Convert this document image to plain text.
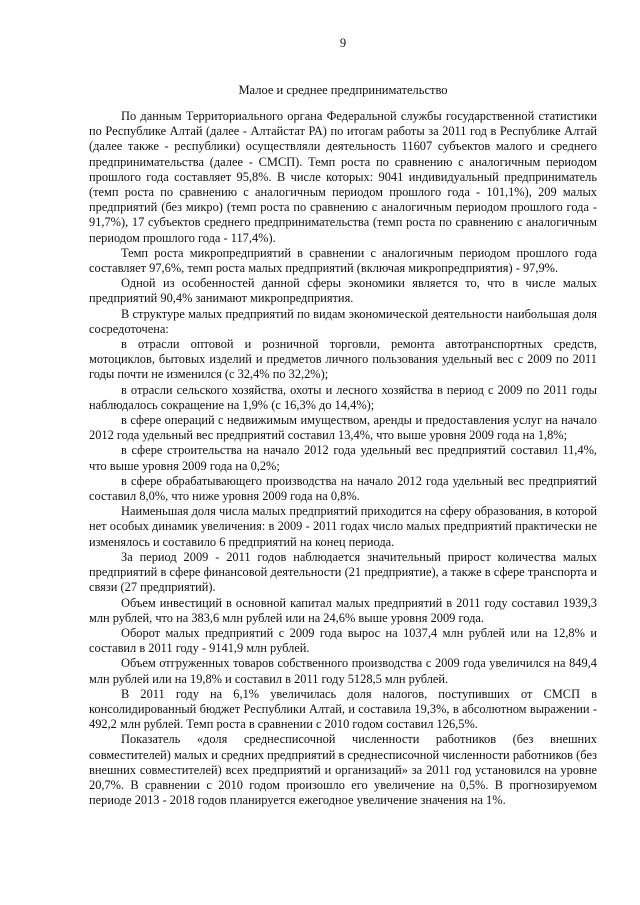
9
Малое и среднее предпринимательство

По данным Территориального органа Федеральной службы государственной статистики по Республике Алтай (далее - Алтайстат РА) по итогам работы за 2011 год в Республике Алтай (далее также - республики) осуществляли деятельность 11607 субъектов малого и среднего предпринимательства (далее - СМСП). Темп роста по сравнению с аналогичным периодом прошлого года составляет 95,8%. В числе которых: 9041 индивидуальный предприниматель (темп роста по сравнению с аналогичным периодом прошлого года - 101,1%), 209 малых предприятий (без микро) (темп роста по сравнению с аналогичным периодом прошлого года - 91,7%), 17 субъектов среднего предпринимательства (темп роста по сравнению с аналогичным периодом прошлого года - 117,4%).

Темп роста микропредприятий в сравнении с аналогичным периодом прошлого года составляет 97,6%, темп роста малых предприятий (включая микропредприятия) - 97,9%.

Одной из особенностей данной сферы экономики является то, что в числе малых предприятий 90,4% занимают микропредприятия.

В структуре малых предприятий по видам экономической деятельности наибольшая доля сосредоточена:

в отрасли оптовой и розничной торговли, ремонта автотранспортных средств, мотоциклов, бытовых изделий и предметов личного пользования удельный вес с 2009 по 2011 годы почти не изменился (с 32,4% по 32,2%);

в отрасли сельского хозяйства, охоты и лесного хозяйства в период с 2009 по 2011 годы наблюдалось сокращение на 1,9% (с 16,3% до 14,4%);

в сфере операций с недвижимым имуществом, аренды и предоставления услуг на начало 2012 года удельный вес предприятий составил 13,4%, что выше уровня 2009 года на 1,8%;

в сфере строительства на начало 2012 года удельный вес предприятий составил 11,4%, что выше уровня 2009 года на 0,2%;

в сфере обрабатывающего производства на начало 2012 года удельный вес предприятий составил 8,0%, что ниже уровня 2009 года на 0,8%.

Наименьшая доля числа малых предприятий приходится на сферу образования, в которой нет особых динамик увеличения: в 2009 - 2011 годах число малых предприятий практически не изменялось и составило 6 предприятий на конец периода.

За период 2009 - 2011 годов наблюдается значительный прирост количества малых предприятий в сфере финансовой деятельности (21 предприятие), а также в сфере транспорта и связи (27 предприятий).

Объем инвестиций в основной капитал малых предприятий в 2011 году составил 1939,3 млн рублей, что на 383,6 млн рублей или на 24,6% выше уровня 2009 года.

Оборот малых предприятий с 2009 года вырос на 1037,4 млн рублей или на 12,8% и составил в 2011 году - 9141,9 млн рублей.

Объем отгруженных товаров собственного производства с 2009 года увеличился на 849,4 млн рублей или на 19,8% и составил в 2011 году 5128,5 млн рублей.

В 2011 году на 6,1% увеличилась доля налогов, поступивших от СМСП в консолидированный бюджет Республики Алтай, и составила 19,3%, в абсолютном выражении - 492,2 млн рублей. Темп роста в сравнении с 2010 годом составил 126,5%.

Показатель «доля среднесписочной численности работников (без внешних совместителей) малых и средних предприятий в среднесписочной численности работников (без внешних совместителей) всех предприятий и организаций» за 2011 год установился на уровне 20,7%. В сравнении с 2010 годом произошло его увеличение на 0,5%. В прогнозируемом периоде 2013 - 2018 годов планируется ежегодное увеличение значения на 1%.
